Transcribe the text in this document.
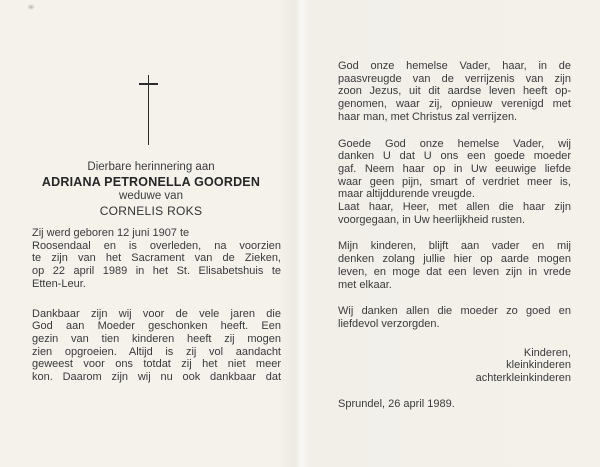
Dierbare herinnering aan
ADRIANA PETRONELLA GOORDEN
weduwe van
CORNELIS ROKS
Zij werd geboren 12 juni 1907 te
Roosendaal en is overleden, na voorzien
te zijn van het Sacrament van de Zieken,
op 22 april 1989 in het St. Elisabetshuis te
Etten-Leur.
Dankbaar zijn wij voor de vele jaren die
God aan Moeder geschonken heeft. Een
gezin van tien kinderen heeft zij mogen
zien opgroeien. Altijd is zij vol aandacht
geweest voor ons totdat zij het niet meer
kon. Daarom zijn wij nu ook dankbaar dat
God onze hemelse Vader, haar, in de
paasvreugde van de verrijzenis van zijn
zoon Jezus, uit dit aardse leven heeft op-
genomen, waar zij, opnieuw verenigd met
haar man, met Christus zal verrijzen.
Goede God onze hemelse Vader, wij
danken U dat U ons een goede moeder
gaf. Neem haar op in Uw eeuwige liefde
waar geen pijn, smart of verdriet meer is,
maar altijddurende vreugde.
Laat haar, Heer, met allen die haar zijn
voorgegaan, in Uw heerlijkheid rusten.
Mijn kinderen, blijft aan vader en mij
denken zolang jullie hier op aarde mogen
leven, en moge dat een leven zijn in vrede
met elkaar.
Wij danken allen die moeder zo goed en
liefdevol verzorgden.
Kinderen,
kleinkinderen
achterkleinkinderen
Sprundel, 26 april 1989.
